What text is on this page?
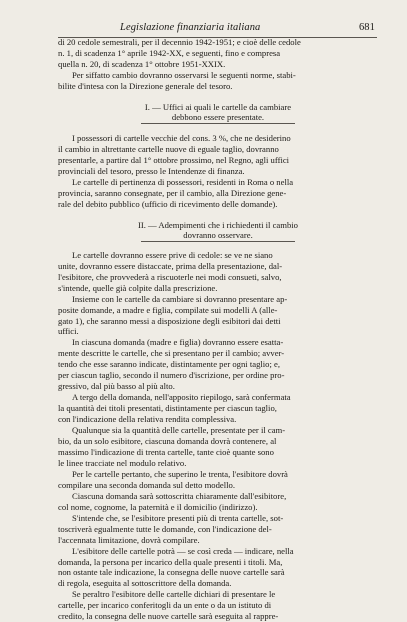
Legislazione finanziaria italiana	681

di 20 cedole semestrali, per il decennio 1942-1951; e cioè delle cedole

n. 1, di scadenza 1° aprile 1942-XX, e seguenti, fino e compresa

quella n. 20, di scadenza 1° ottobre 1951-XXIX.

Per siffatto cambio dovranno osservarsi le seguenti norme, stabi-

bilite d'intesa con la Direzione generale del tesoro.

I. — Uffici ai quali le cartelle da cambiare

debbono essere presentate.

I possessori di cartelle vecchie del cons. 3 %, che ne desiderino

il cambio in altrettante cartelle nuove di eguale taglio, dovranno

presentarle, a partire dal 1° ottobre prossimo, nel Regno, agli uffici

provinciali del tesoro, presso le Intendenze di finanza.

Le cartelle di pertinenza di possessori, residenti in Roma o nella

provincia, saranno consegnate, per il cambio, alla Direzione gene-

rale del debito pubblico (ufficio di ricevimento delle domande).

II. — Adempimenti che i richiedenti il cambio

dovranno osservare.

Le cartelle dovranno essere prive di cedole: se ve ne siano

unite, dovranno essere distaccate, prima della presentazione, dal-

l'esibitore, che provvederà a riscuoterle nei modi consueti, salvo,

s'intende, quelle già colpite dalla prescrizione.

Insieme con le cartelle da cambiare si dovranno presentare ap-

posite domande, a madre e figlia, compilate sui modelli A (alle-

gato 1), che saranno messi a disposizione degli esibitori dai detti

uffici.

In ciascuna domanda (madre e figlia) dovranno essere esatta-

mente descritte le cartelle, che si presentano per il cambio; avver-

tendo che esse saranno indicate, distintamente per ogni taglio; e,

per ciascun taglio, secondo il numero d'iscrizione, per ordine pro-

gressivo, dal più basso al più alto.

A tergo della domanda, nell'apposito riepilogo, sarà confermata

la quantità dei titoli presentati, distintamente per ciascun taglio,

con l'indicazione della relativa rendita complessiva.

Qualunque sia la quantità delle cartelle, presentate per il cam-

bio, da un solo esibitore, ciascuna domanda dovrà contenere, al

massimo l'indicazione di trenta cartelle, tante cioè quante sono

le linee tracciate nel modulo relativo.

Per le cartelle pertanto, che superino le trenta, l'esibitore dovrà

compilare una seconda domanda sul detto modello.

Ciascuna domanda sarà sottoscritta chiaramente dall'esibitore,

col nome, cognome, la paternità e il domicilio (indirizzo).

S'intende che, se l'esibitore presenti più di trenta cartelle, sot-

toscriverà egualmente tutte le domande, con l'indicazione del-

l'accennata limitazione, dovrà compilare.

L'esibitore delle cartelle potrà — se così creda — indicare, nella

domanda, la persona per incarico della quale presenti i titoli. Ma,

non ostante tale indicazione, la consegna delle nuove cartelle sarà

di regola, eseguita al sottoscrittore della domanda.

Se peraltro l'esibitore delle cartelle dichiari di presentare le

cartelle, per incarico conferitogli da un ente o da un istituto di

credito, la consegna delle nuove cartelle sarà eseguita al rappre-
